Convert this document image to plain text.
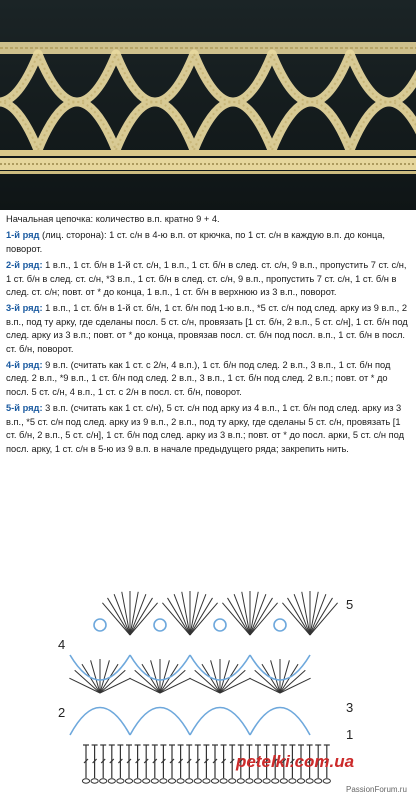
Начальная цепочка: количество в.п. кратно 9 + 4.

1-й ряд (лиц. сторона): 1 ст. с/н в 4-ю в.п. от крючка, по 1 ст. с/н в каждую в.п. до конца, поворот.

2-й ряд: 1 в.п., 1 ст. б/н в 1-й ст. с/н, 1 в.п., 1 ст. б/н в след. ст. с/н, 9 в.п., пропустить 7 ст. с/н, 1 ст. б/н в след. ст. с/н, *3 в.п., 1 ст. б/н в след. ст. с/н, 9 в.п., пропустить 7 ст. с/н, 1 ст. б/н в след. ст. с/н; повт. от * до конца, 1 в.п., 1 ст. б/н в верхнюю из 3 в.п., поворот.

3-й ряд: 1 в.п., 1 ст. б/н в 1-й ст. б/н, 1 ст. б/н под 1-ю в.п., *5 ст. с/н под след. арку из 9 в.п., 2 в.п., под ту арку, где сделаны посл. 5 ст. с/н, провязать [1 ст. б/н, 2 в.п., 5 ст. с/н], 1 ст. б/н под след. арку из 3 в.п.; повт. от * до конца, провязав посл. ст. б/н под посл. в.п., 1 ст. б/н в посл. ст. б/н, поворот.

4-й ряд: 9 в.п. (считать как 1 ст. с 2/н, 4 в.п.), 1 ст. б/н под след. 2 в.п., 3 в.п., 1 ст. б/н под след. 2 в.п., *9 в.п., 1 ст. б/н под след. 2 в.п., 3 в.п., 1 ст. б/н под след. 2 в.п.; повт. от * до посл. 5 ст. с/н, 4 в.п., 1 ст. с 2/н в посл. ст. б/н, поворот.

5-й ряд: 3 в.п. (считать как 1 ст. с/н), 5 ст. с/н под арку из 4 в.п., 1 ст. б/н под след. арку из 3 в.п., *5 ст. с/н под след. арку из 9 в.п., 2 в.п., под ту арку, где сделаны 5 ст. с/н, провязать [1 ст. б/н, 2 в.п., 5 ст. с/н], 1 ст. б/н под след. арку из 3 в.п.; повт. от * до посл. арки, 5 ст. с/н под посл. арку, 1 ст. с/н в 5-ю из 9 в.п. в начале предыдущего ряда; закрепить нить.

5
4
3
2
1
petelki.com.ua
PassionForum.ru
